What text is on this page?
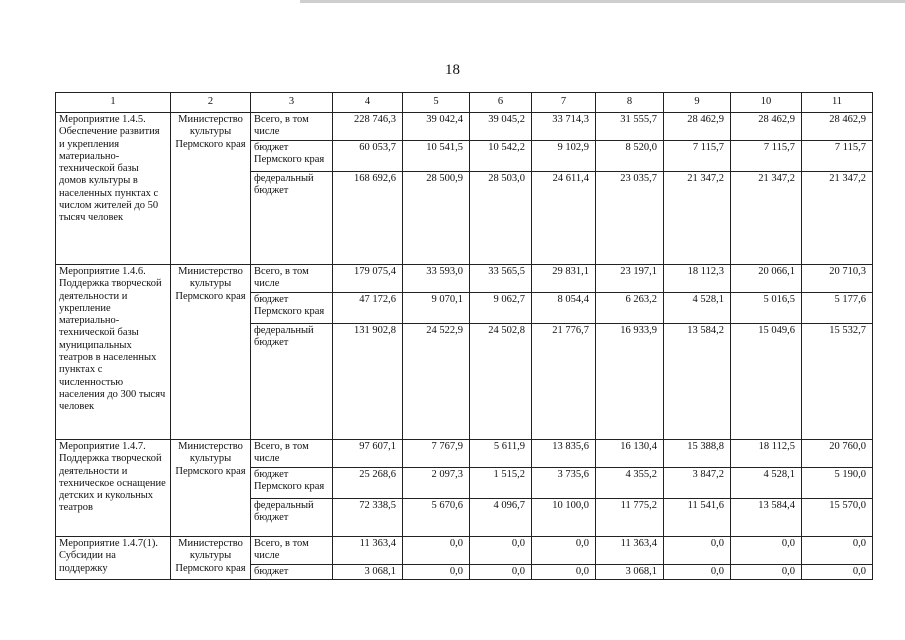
18
1	2	3	4	5	6	7	8	9	10	11
Мероприятие 1.4.5. Обеспечение развития и укрепления материально-технической базы домов культуры в населенных пунктах с числом жителей до 50 тысяч человек	Министерство культуры Пермского края	Всего, в том числе	228 746,3	39 042,4	39 045,2	33 714,3	31 555,7	28 462,9	28 462,9	28 462,9
		бюджет Пермского края	60 053,7	10 541,5	10 542,2	9 102,9	8 520,0	7 115,7	7 115,7	7 115,7
		федеральный бюджет	168 692,6	28 500,9	28 503,0	24 611,4	23 035,7	21 347,2	21 347,2	21 347,2
Мероприятие 1.4.6. Поддержка творческой деятельности и укрепление материально-технической базы муниципальных театров в населенных пунктах с численностью населения до 300 тысяч человек	Министерство культуры Пермского края	Всего, в том числе	179 075,4	33 593,0	33 565,5	29 831,1	23 197,1	18 112,3	20 066,1	20 710,3
		бюджет Пермского края	47 172,6	9 070,1	9 062,7	8 054,4	6 263,2	4 528,1	5 016,5	5 177,6
		федеральный бюджет	131 902,8	24 522,9	24 502,8	21 776,7	16 933,9	13 584,2	15 049,6	15 532,7
Мероприятие 1.4.7. Поддержка творческой деятельности и техническое оснащение детских и кукольных театров	Министерство культуры Пермского края	Всего, в том числе	97 607,1	7 767,9	5 611,9	13 835,6	16 130,4	15 388,8	18 112,5	20 760,0
		бюджет Пермского края	25 268,6	2 097,3	1 515,2	3 735,6	4 355,2	3 847,2	4 528,1	5 190,0
		федеральный бюджет	72 338,5	5 670,6	4 096,7	10 100,0	11 775,2	11 541,6	13 584,4	15 570,0
Мероприятие 1.4.7(1). Субсидии на поддержку	Министерство культуры Пермского края	Всего, в том числе	11 363,4	0,0	0,0	0,0	11 363,4	0,0	0,0	0,0
		бюджет	3 068,1	0,0	0,0	0,0	3 068,1	0,0	0,0	0,0
